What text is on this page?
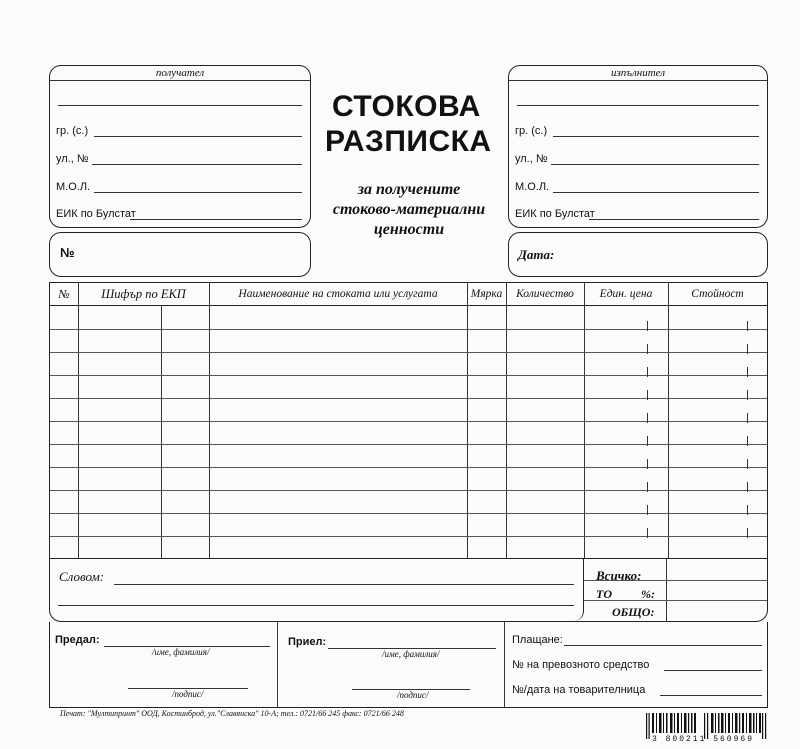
получател
гр. (с.)
ул., №
М.О.Л.
ЕИК по Булстат
изпълнител
гр. (с.)
ул., №
М.О.Л.
ЕИК по Булстат
СТОКОВА
РАЗПИСКА
за получените
стоково-материални
ценности
№	Дата:
№	Шифър по ЕКП	Наименование на стоката или услугата	Мярка	Количество	Един. цена	Стойност
Словом:	Всичко:
ТО %:
ОБЩО:
Предал:
/име, фамилия/
/подпис/
Приел:
/име, фамилия/
/подпис/
Плащане:
№ на превозното средство
№/дата на товарителница
Печат: "Мултипринт" ООД, Костинброд, ул."Славянска" 10-А; тел.: 0721/66 245 факс: 0721/66 248
3 800211 560969
